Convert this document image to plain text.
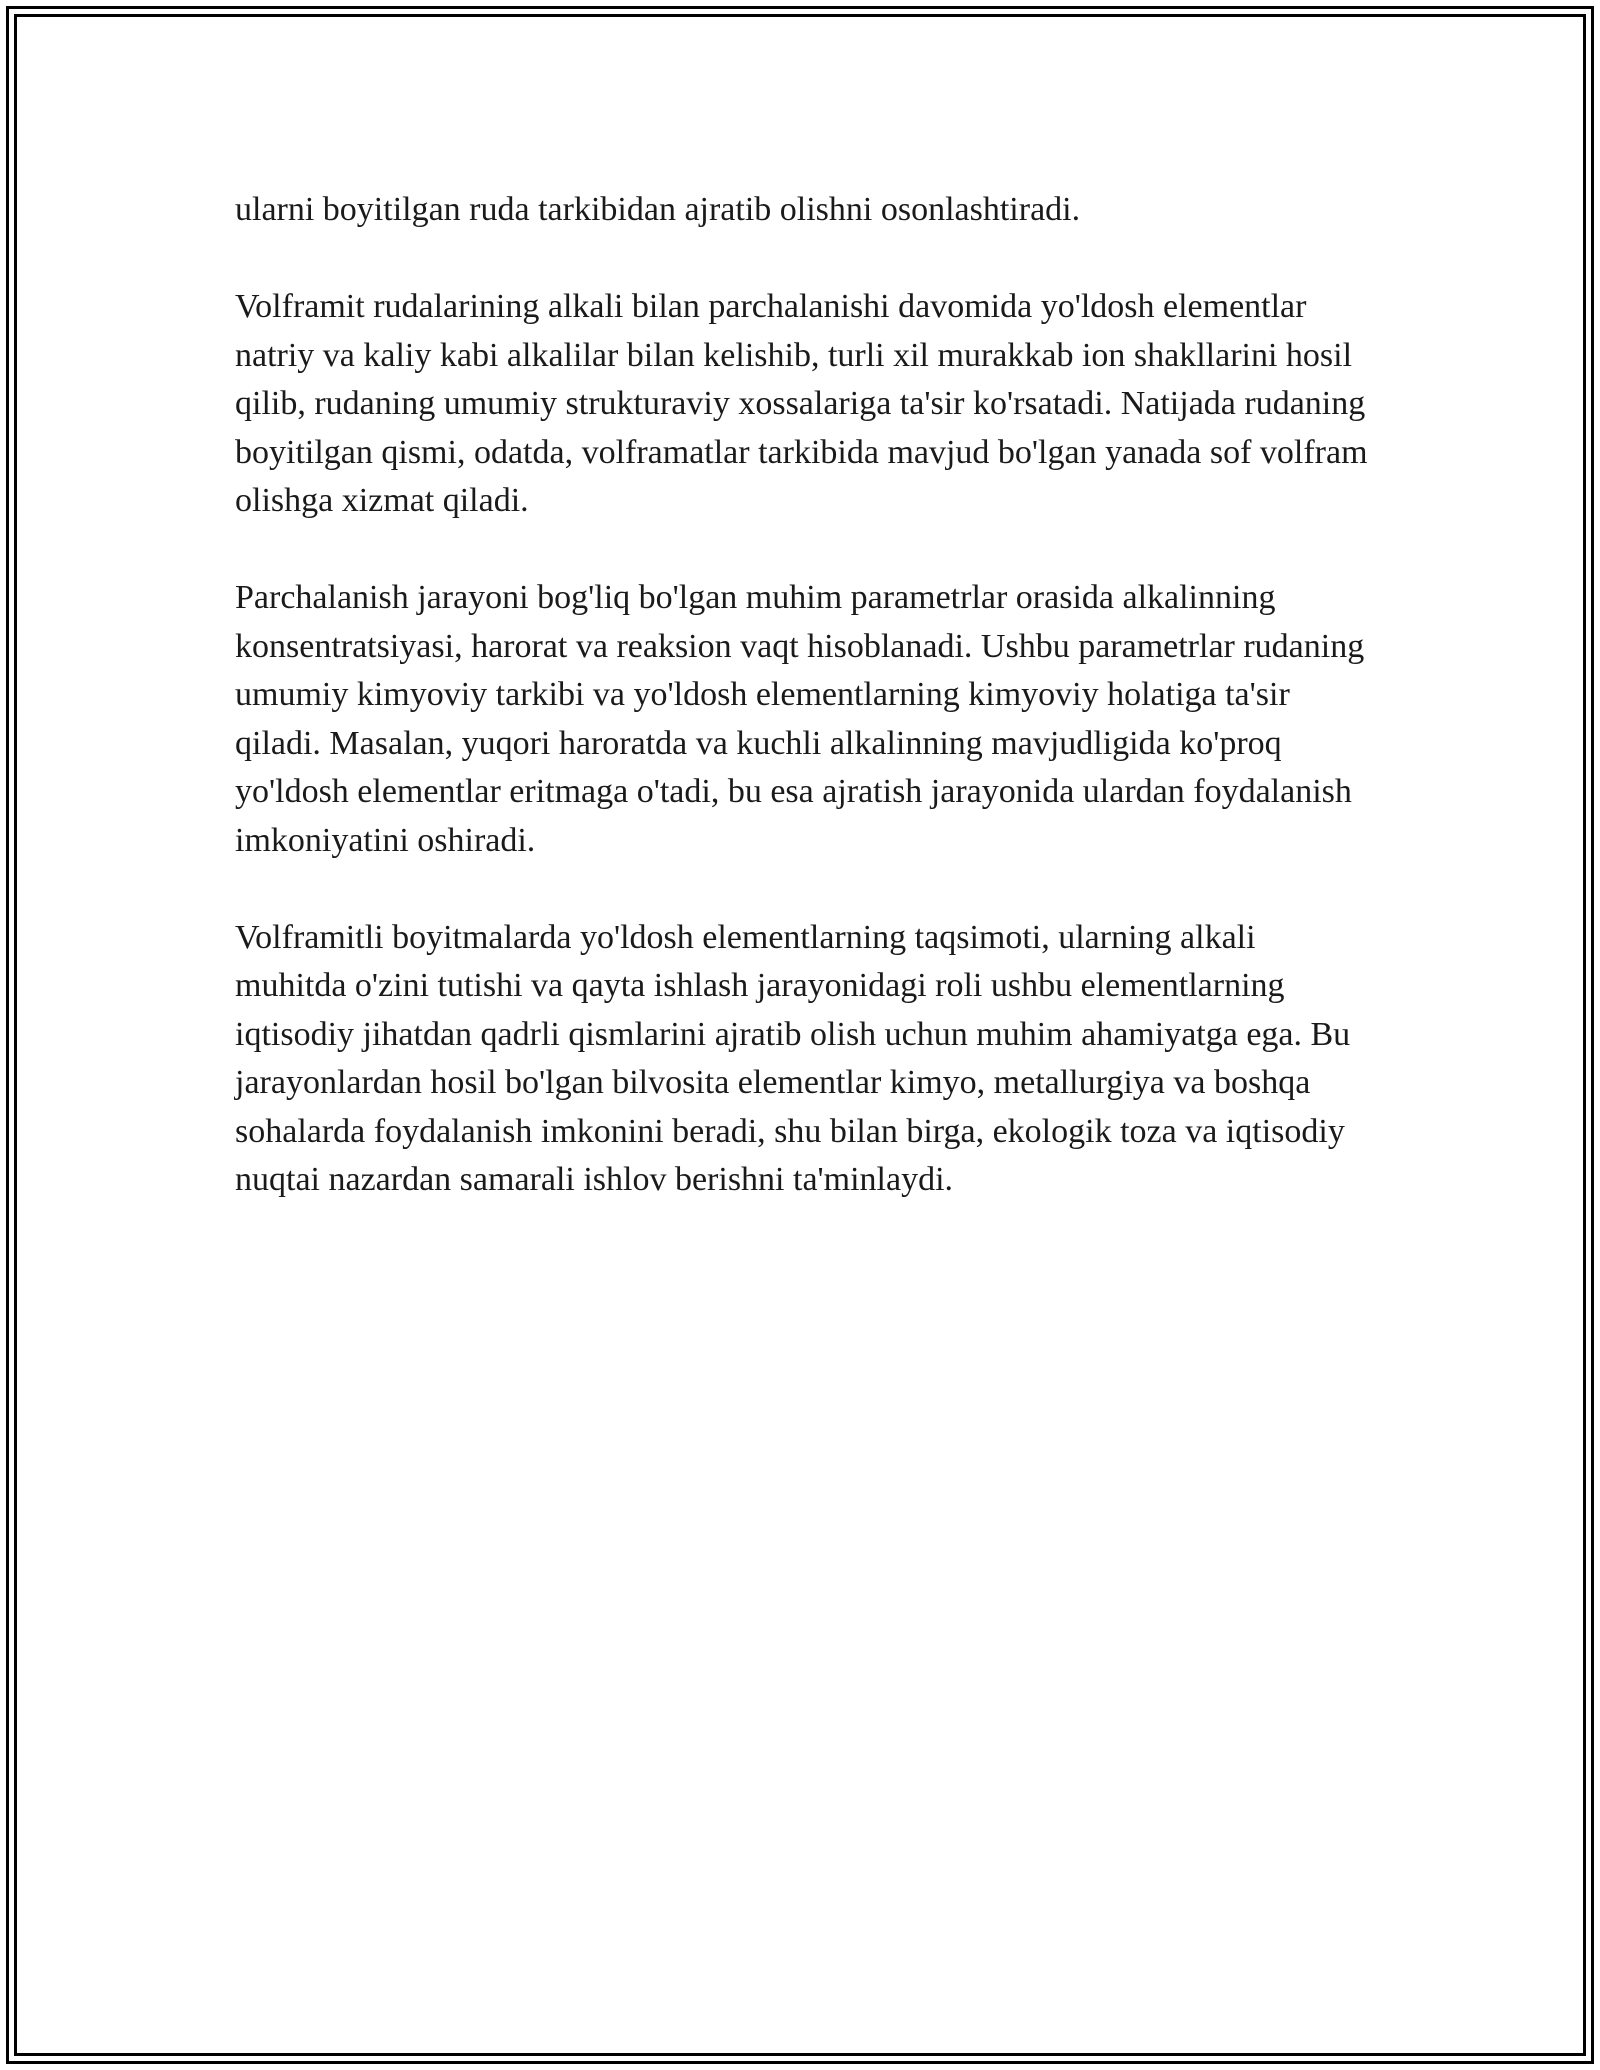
ularni boyitilgan ruda tarkibidan ajratib olishni osonlashtiradi.

Volframit rudalarining alkali bilan parchalanishi davomida yo'ldosh elementlar natriy va kaliy kabi alkalilar bilan kelishib, turli xil murakkab ion shakllarini hosil qilib, rudaning umumiy strukturaviy xossalariga ta'sir ko'rsatadi. Natijada rudaning boyitilgan qismi, odatda, volframatlar tarkibida mavjud bo'lgan yanada sof volfram olishga xizmat qiladi.

Parchalanish jarayoni bog'liq bo'lgan muhim parametrlar orasida alkalinning konsentratsiyasi, harorat va reaksion vaqt hisoblanadi. Ushbu parametrlar rudaning umumiy kimyoviy tarkibi va yo'ldosh elementlarning kimyoviy holatiga ta'sir qiladi. Masalan, yuqori haroratda va kuchli alkalinning mavjudligida ko'proq yo'ldosh elementlar eritmaga o'tadi, bu esa ajratish jarayonida ulardan foydalanish imkoniyatini oshiradi.

Volframitli boyitmalarda yo'ldosh elementlarning taqsimoti, ularning alkali muhitda o'zini tutishi va qayta ishlash jarayonidagi roli ushbu elementlarning iqtisodiy jihatdan qadrli qismlarini ajratib olish uchun muhim ahamiyatga ega. Bu jarayonlardan hosil bo'lgan bilvosita elementlar kimyo, metallurgiya va boshqa sohalarda foydalanish imkonini beradi, shu bilan birga, ekologik toza va iqtisodiy nuqtai nazardan samarali ishlov berishni ta'minlaydi.
